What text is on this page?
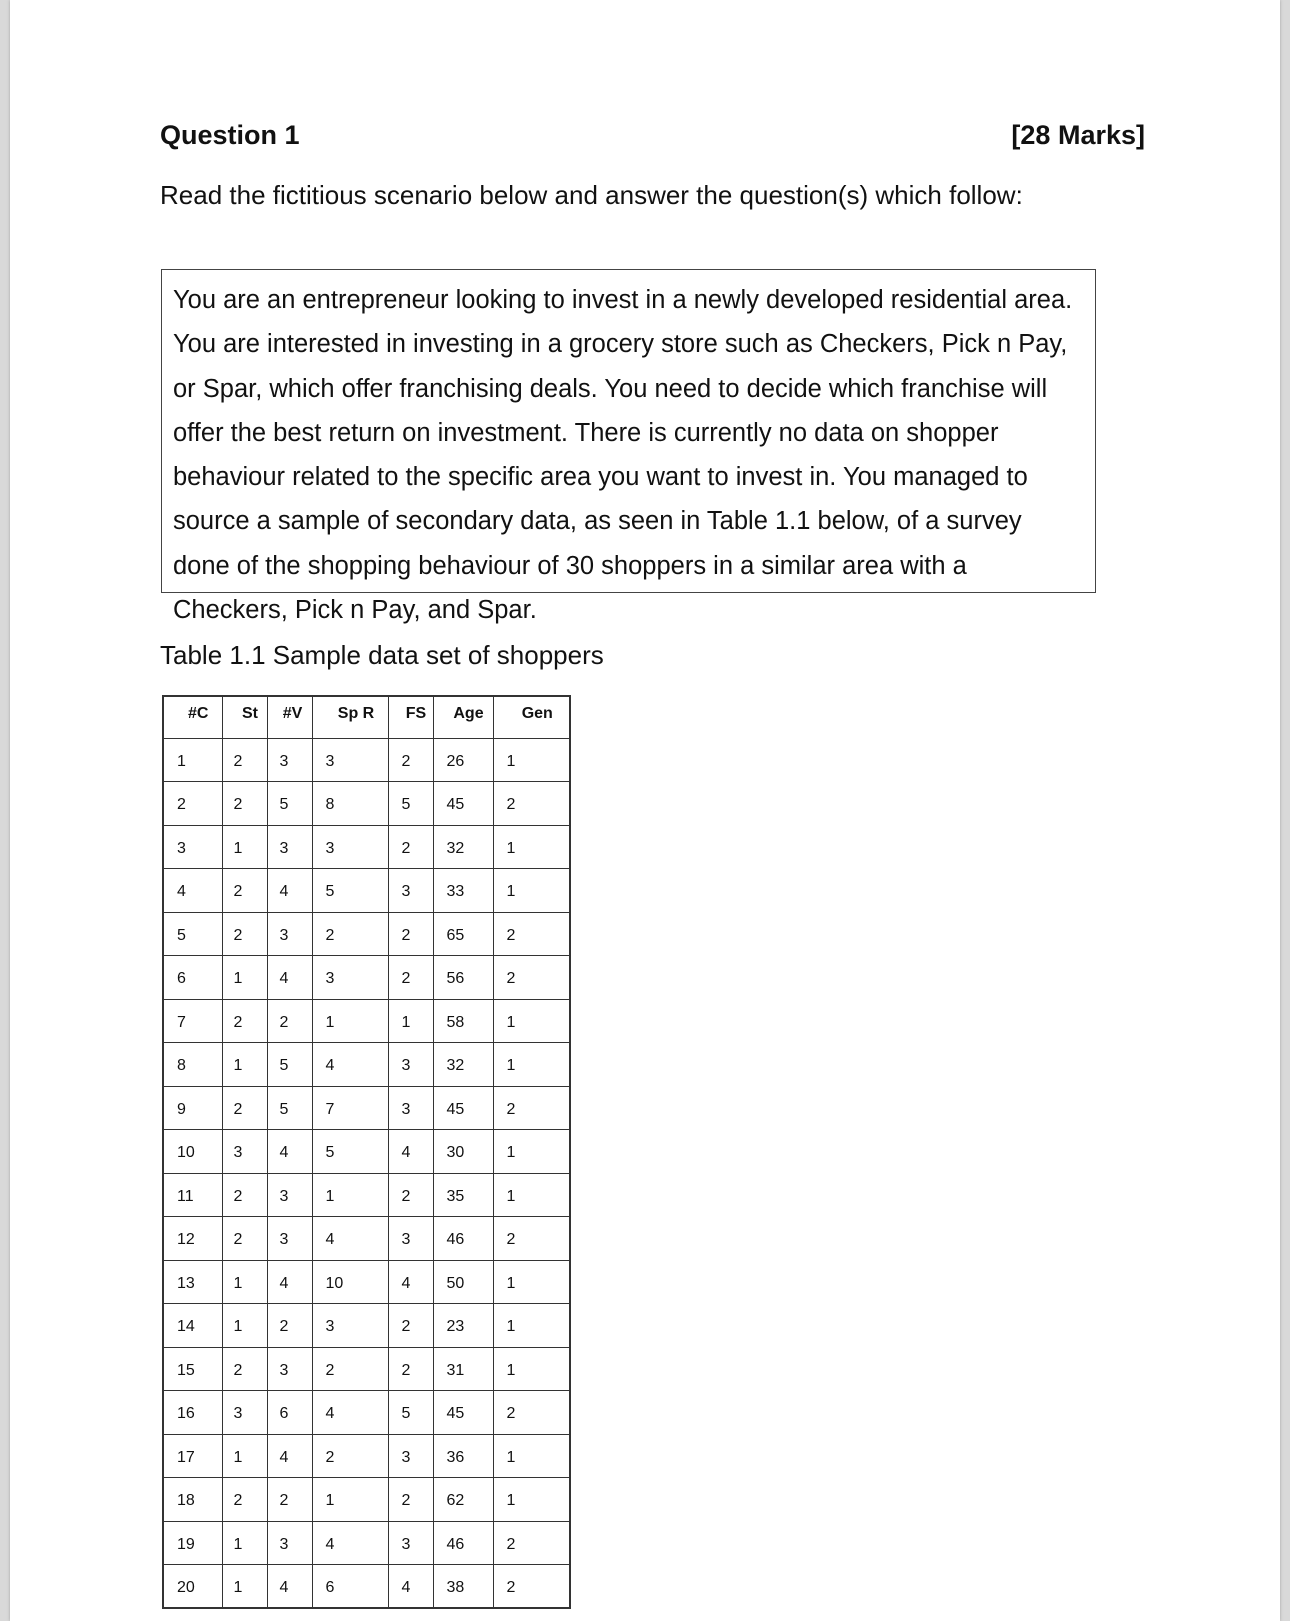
Question 1	[28 Marks]
Read the fictitious scenario below and answer the question(s) which follow:
You are an entrepreneur looking to invest in a newly developed residential area. You are interested in investing in a grocery store such as Checkers, Pick n Pay, or Spar, which offer franchising deals. You need to decide which franchise will offer the best return on investment. There is currently no data on shopper behaviour related to the specific area you want to invest in. You managed to source a sample of secondary data, as seen in Table 1.1 below, of a survey done of the shopping behaviour of 30 shoppers in a similar area with a Checkers, Pick n Pay, and Spar.
Table 1.1 Sample data set of shoppers
#C	St	#V	Sp R	FS	Age	Gen

1	2	3	3	2	26	1

2	2	5	8	5	45	2

3	1	3	3	2	32	1

4	2	4	5	3	33	1

5	2	3	2	2	65	2

6	1	4	3	2	56	2

7	2	2	1	1	58	1

8	1	5	4	3	32	1

9	2	5	7	3	45	2

10	3	4	5	4	30	1

11	2	3	1	2	35	1

12	2	3	4	3	46	2

13	1	4	10	4	50	1

14	1	2	3	2	23	1

15	2	3	2	2	31	1

16	3	6	4	5	45	2

17	1	4	2	3	36	1

18	2	2	1	2	62	1

19	1	3	4	3	46	2

20	1	4	6	4	38	2
